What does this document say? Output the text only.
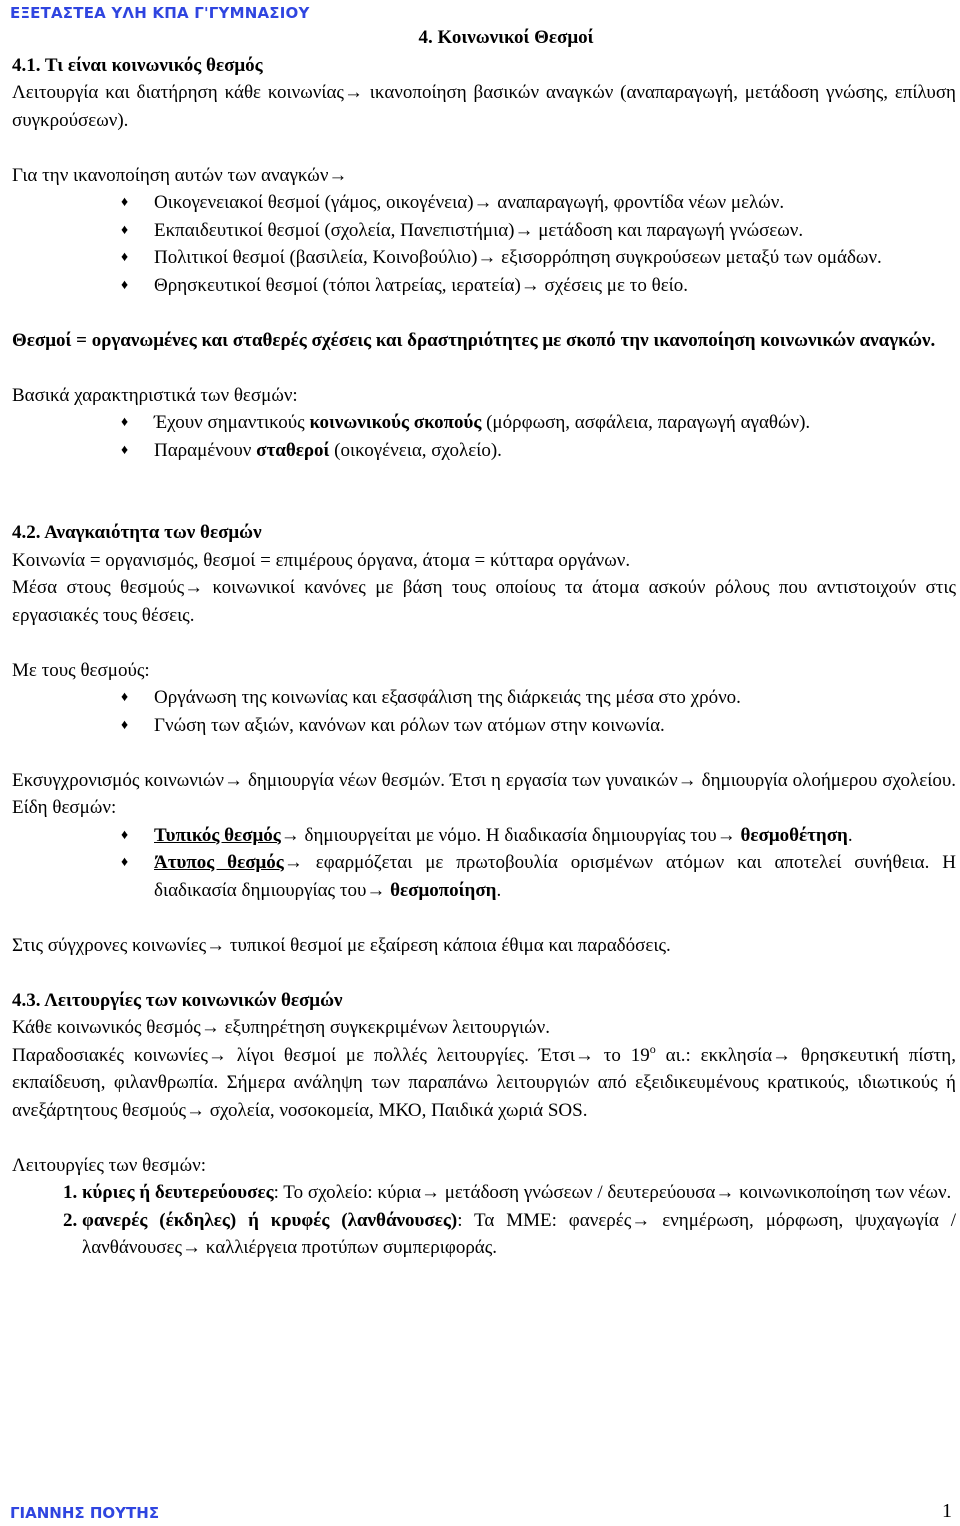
ΕΞΕΤΑΣΤΕΑ ΥΛΗ ΚΠΑ Γ'ΓΥΜΝΑΣΙΟΥ

4. Κοινωνικοί Θεσμοί

4.1. Τι είναι κοινωνικός θεσμός

Λειτουργία και διατήρηση κάθε κοινωνίας→ ικανοποίηση βασικών αναγκών (αναπαραγωγή, μετάδοση γνώσης, επίλυση συγκρούσεων).

Για την ικανοποίηση αυτών των αναγκών→

♦ Οικογενειακοί θεσμοί (γάμος, οικογένεια)→ αναπαραγωγή, φροντίδα νέων μελών.
♦ Εκπαιδευτικοί θεσμοί (σχολεία, Πανεπιστήμια)→ μετάδοση και παραγωγή γνώσεων.
♦ Πολιτικοί θεσμοί (βασιλεία, Κοινοβούλιο)→ εξισορρόπηση συγκρούσεων μεταξύ των ομάδων.
♦ Θρησκευτικοί θεσμοί (τόποι λατρείας, ιερατεία)→ σχέσεις με το θείο.

Θεσμοί = οργανωμένες και σταθερές σχέσεις και δραστηριότητες με σκοπό την ικανοποίηση κοινωνικών αναγκών.

Βασικά χαρακτηριστικά των θεσμών:

♦ Έχουν σημαντικούς κοινωνικούς σκοπούς (μόρφωση, ασφάλεια, παραγωγή αγαθών).
♦ Παραμένουν σταθεροί (οικογένεια, σχολείο).

4.2. Αναγκαιότητα των θεσμών

Κοινωνία = οργανισμός, θεσμοί = επιμέρους όργανα, άτομα = κύτταρα οργάνων.

Μέσα στους θεσμούς→ κοινωνικοί κανόνες με βάση τους οποίους τα άτομα ασκούν ρόλους που αντιστοιχούν στις εργασιακές τους θέσεις.

Με τους θεσμούς:

♦ Οργάνωση της κοινωνίας και εξασφάλιση της διάρκειάς της μέσα στο χρόνο.
♦ Γνώση των αξιών, κανόνων και ρόλων των ατόμων στην κοινωνία.

Εκσυγχρονισμός κοινωνιών→ δημιουργία νέων θεσμών. Έτσι η εργασία των γυναικών→ δημιουργία ολοήμερου σχολείου. Είδη θεσμών:

♦ Τυπικός θεσμός→ δημιουργείται με νόμο. Η διαδικασία δημιουργίας του→ θεσμοθέτηση.
♦ Άτυπος θεσμός→ εφαρμόζεται με πρωτοβουλία ορισμένων ατόμων και αποτελεί συνήθεια. Η διαδικασία δημιουργίας του→ θεσμοποίηση.

Στις σύγχρονες κοινωνίες→ τυπικοί θεσμοί με εξαίρεση κάποια έθιμα και παραδόσεις.

4.3. Λειτουργίες των κοινωνικών θεσμών

Κάθε κοινωνικός θεσμός→ εξυπηρέτηση συγκεκριμένων λειτουργιών.

Παραδοσιακές κοινωνίες→ λίγοι θεσμοί με πολλές λειτουργίες. Έτσι→ το $19^o$ αι.: εκκλησία→ θρησκευτική πίστη, εκπαίδευση, φιλανθρωπία. Σήμερα ανάληψη των παραπάνω λειτουργιών από εξειδικευμένους κρατικούς, ιδιωτικούς ή ανεξάρτητους θεσμούς→ σχολεία, νοσοκομεία, ΜΚΟ, Παιδικά χωριά SOS.

Λειτουργίες των θεσμών:

1. κύριες ή δευτερεύουσες: Το σχολείο: κύρια→ μετάδοση γνώσεων / δευτερεύουσα→ κοινωνικοποίηση των νέων.
2. φανερές (έκδηλες) ή κρυφές (λανθάνουσες): Τα ΜΜΕ: φανερές→ ενημέρωση, μόρφωση, ψυχαγωγία / λανθάνουσες→ καλλιέργεια προτύπων συμπεριφοράς.
ΓΙΑΝΝΗΣ ΠΟΥΤΗΣ	1
